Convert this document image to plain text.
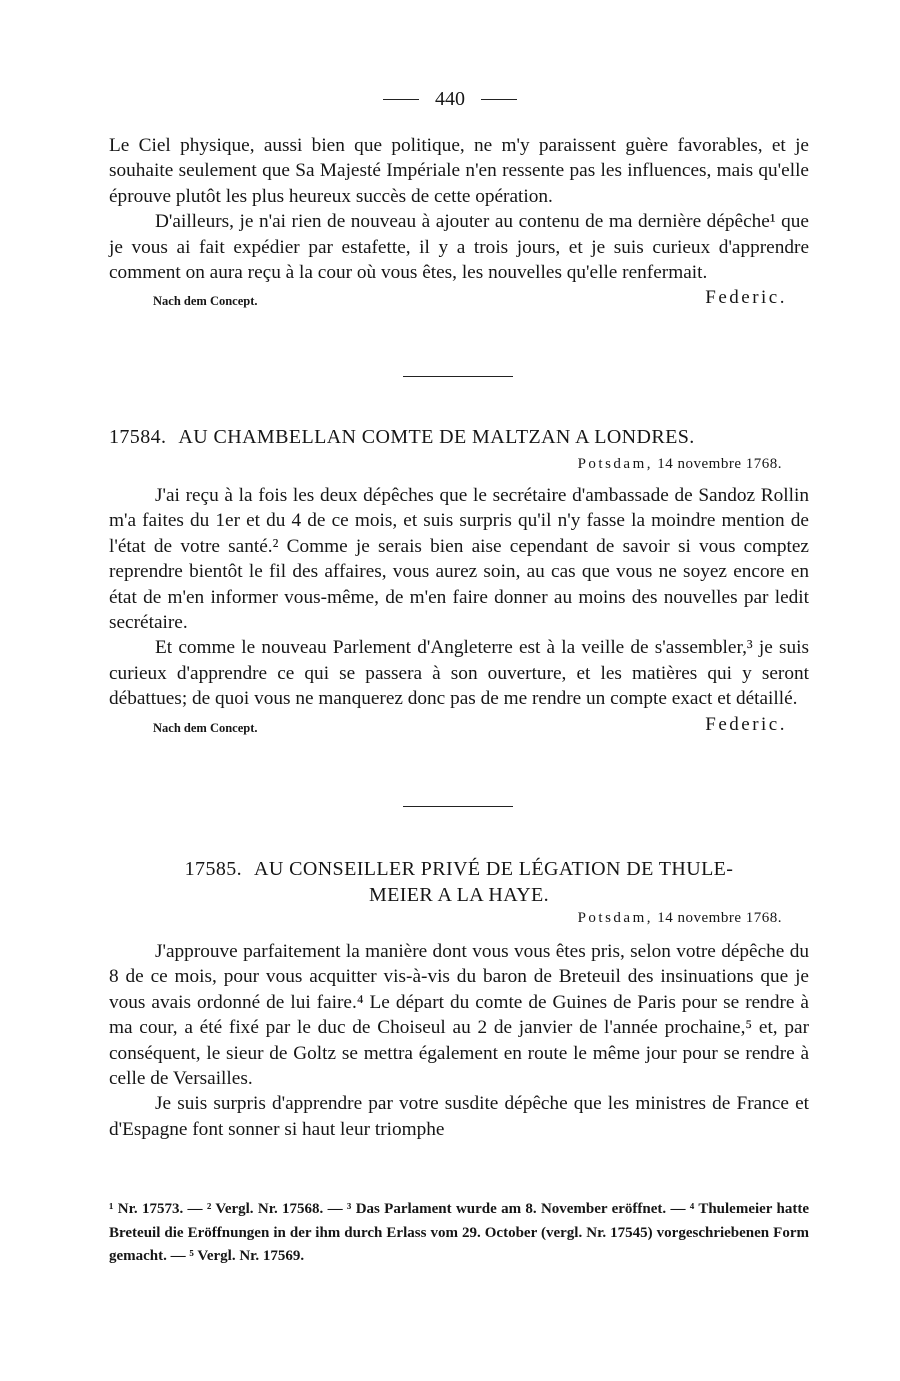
440

Le Ciel physique, aussi bien que politique, ne m'y paraissent guère favorables, et je souhaite seulement que Sa Majesté Impériale n'en ressente pas les influences, mais qu'elle éprouve plutôt les plus heureux succès de cette opération.

D'ailleurs, je n'ai rien de nouveau à ajouter au contenu de ma dernière dépêche¹ que je vous ai fait expédier par estafette, il y a trois jours, et je suis curieux d'apprendre comment on aura reçu à la cour où vous êtes, les nouvelles qu'elle renfermait.

Nach dem Concept.	Federic.
17584. AU CHAMBELLAN COMTE DE MALTZAN A LONDRES.
Potsdam, 14 novembre 1768.

J'ai reçu à la fois les deux dépêches que le secrétaire d'ambassade de Sandoz Rollin m'a faites du 1er et du 4 de ce mois, et suis surpris qu'il n'y fasse la moindre mention de l'état de votre santé.² Comme je serais bien aise cependant de savoir si vous comptez reprendre bientôt le fil des affaires, vous aurez soin, au cas que vous ne soyez encore en état de m'en informer vous-même, de m'en faire donner au moins des nouvelles par ledit secrétaire.

Et comme le nouveau Parlement d'Angleterre est à la veille de s'assembler,³ je suis curieux d'apprendre ce qui se passera à son ouverture, et les matières qui y seront débattues; de quoi vous ne manquerez donc pas de me rendre un compte exact et détaillé.

Nach dem Concept.	Federic.
17585. AU CONSEILLER PRIVÉ DE LÉGATION DE THULE-
MEIER A LA HAYE.
Potsdam, 14 novembre 1768.

J'approuve parfaitement la manière dont vous vous êtes pris, selon votre dépêche du 8 de ce mois, pour vous acquitter vis-à-vis du baron de Breteuil des insinuations que je vous avais ordonné de lui faire.⁴ Le départ du comte de Guines de Paris pour se rendre à ma cour, a été fixé par le duc de Choiseul au 2 de janvier de l'année prochaine,⁵ et, par conséquent, le sieur de Goltz se mettra également en route le même jour pour se rendre à celle de Versailles.

Je suis surpris d'apprendre par votre susdite dépêche que les ministres de France et d'Espagne font sonner si haut leur triomphe

¹ Nr. 17573. — ² Vergl. Nr. 17568. — ³ Das Parlament wurde am 8. November eröffnet. — ⁴ Thulemeier hatte Breteuil die Eröffnungen in der ihm durch Erlass vom 29. October (vergl. Nr. 17545) vorgeschriebenen Form gemacht. — ⁵ Vergl. Nr. 17569.
